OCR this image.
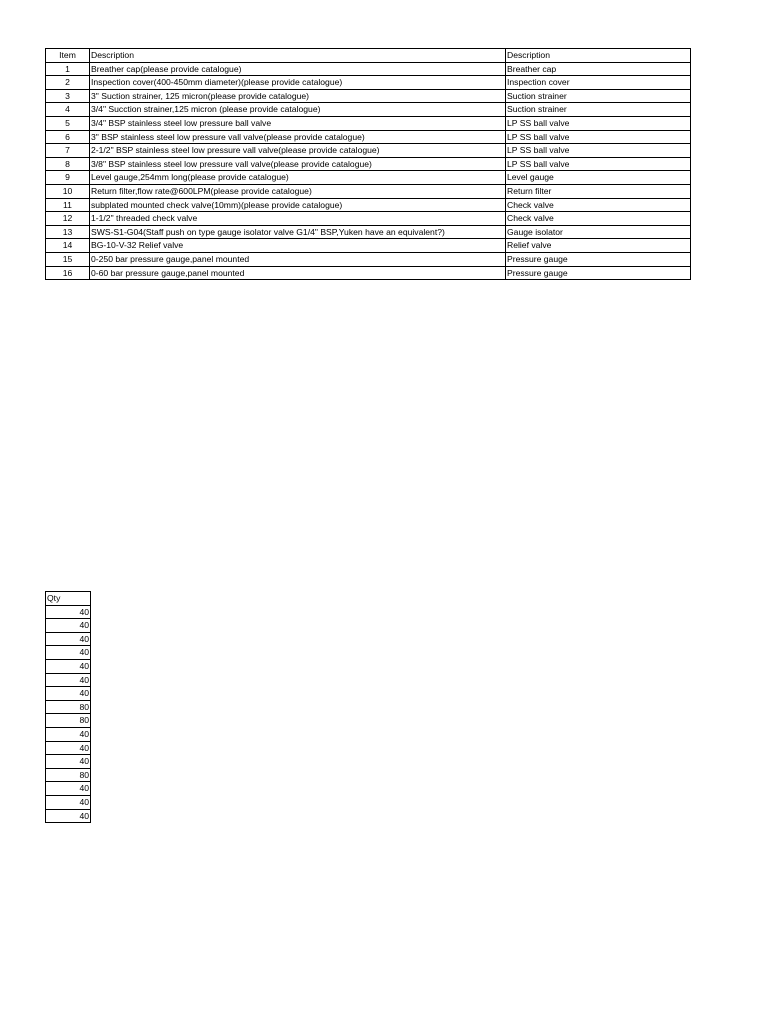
Item	Description	Description
1	Breather cap(please provide catalogue)	Breather cap
2	Inspection cover(400-450mm diameter)(please provide catalogue)	Inspection cover
3	3" Suction strainer, 125 micron(please provide catalogue)	Suction strainer
4	3/4" Sucction strainer,125 micron (please provide catalogue)	Suction strainer
5	3/4" BSP stainless steel low pressure ball valve	LP SS ball valve
6	3" BSP stainless steel low pressure vall valve(please provide catalogue)	LP SS ball valve
7	2-1/2" BSP stainless steel low pressure vall valve(please provide catalogue)	LP SS ball valve
8	3/8" BSP stainless steel low pressure vall valve(please provide catalogue)	LP SS ball valve
9	Level gauge,254mm long(please provide catalogue)	Level gauge
10	Return filter,flow rate@600LPM(please provide catalogue)	Return filter
11	subplated mounted check valve(10mm)(please provide catalogue)	Check valve
12	1-1/2" threaded check valve	Check valve
13	SWS-S1-G04(Staff push on type gauge isolator valve G1/4" BSP,Yuken have an equivalent?)	Gauge isolator
14	BG-10-V-32 Relief valve	Relief valve
15	0-250 bar pressure gauge,panel mounted	Pressure gauge
16	0-60 bar pressure gauge,panel mounted	Pressure gauge
Qty
40
40
40
40
40
40
40
80
80
40
40
40
80
40
40
40
